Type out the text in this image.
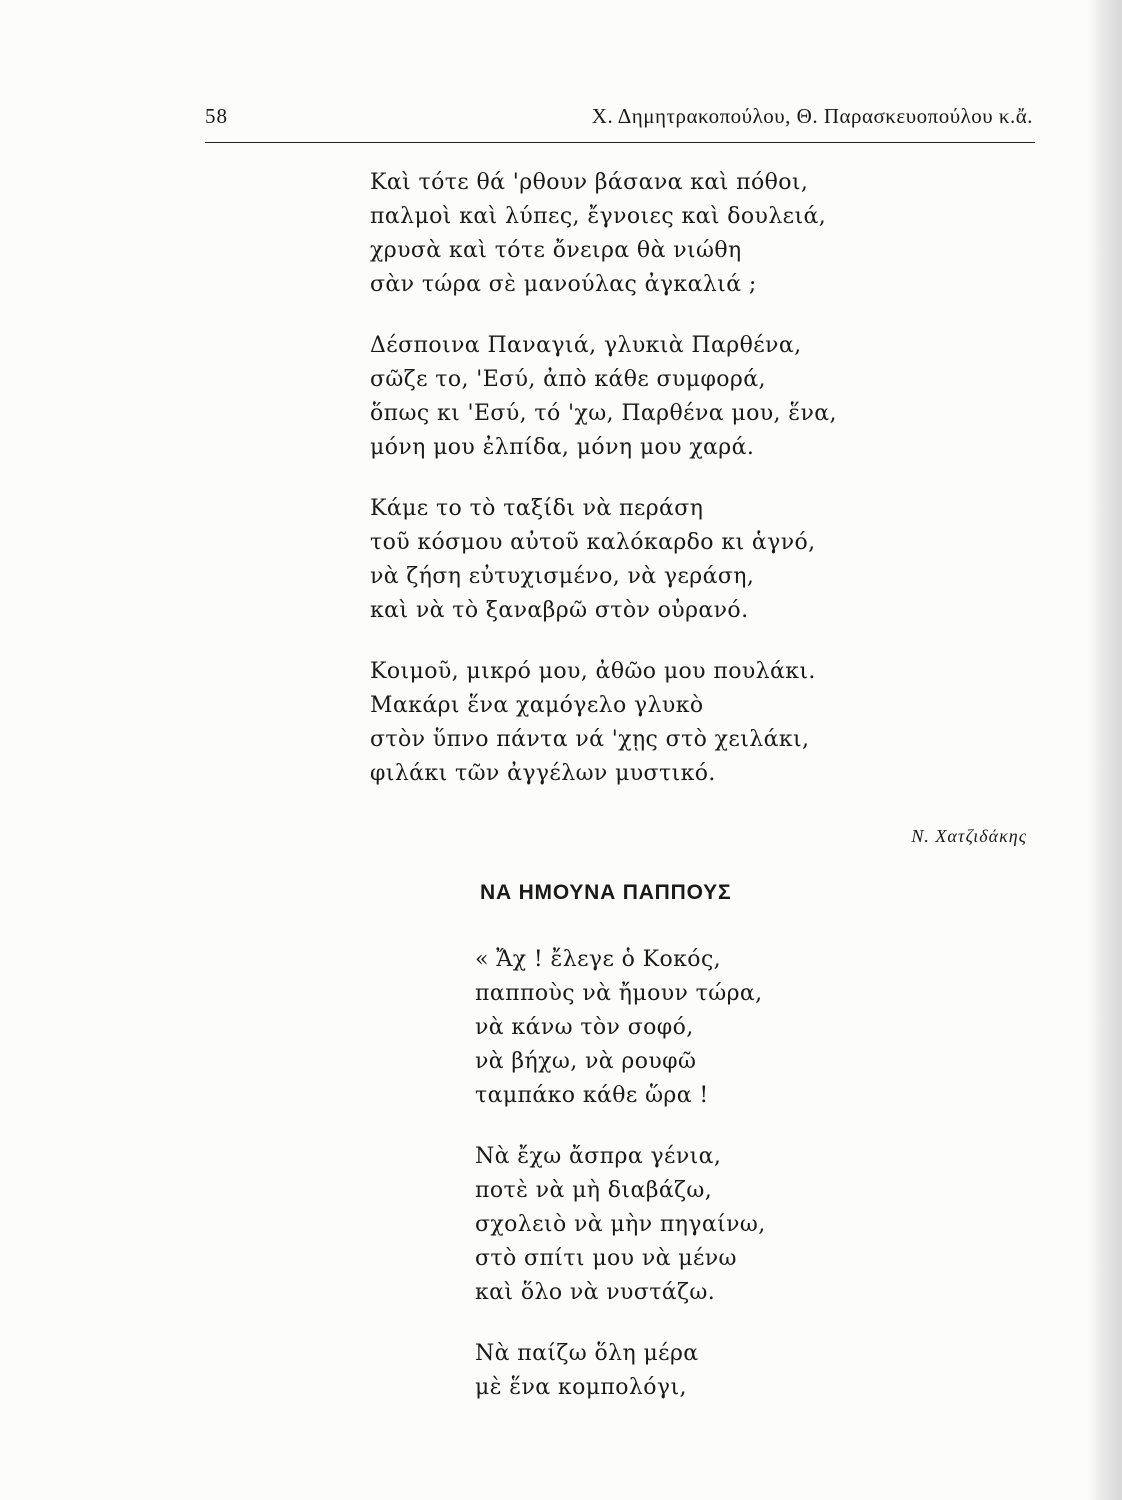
58	Χ. Δημητρακοπούλου, Θ. Παρασκευοπούλου κ.ἄ.
Καὶ τότε θά 'ρθουν βάσανα καὶ πόθοι,
παλμοὶ καὶ λύπες, ἔγνοιες καὶ δουλειά,
χρυσὰ καὶ τότε ὄνειρα θὰ νιώθη
σὰν τώρα σὲ μανούλας ἀγκαλιά ;
Δέσποινα Παναγιά, γλυκιὰ Παρθένα,
σῶζε το, 'Εσύ, ἀπὸ κάθε συμφορά,
ὅπως κι 'Εσύ, τό 'χω, Παρθένα μου, ἕνα,
μόνη μου ἐλπίδα, μόνη μου χαρά.
Κάμε το τὸ ταξίδι νὰ περάση
τοῦ κόσμου αὐτοῦ καλόκαρδο κι ἁγνό,
νὰ ζήση εὐτυχισμένο, νὰ γεράση,
καὶ νὰ τὸ ξαναβρῶ στὸν οὐρανό.
Κοιμοῦ, μικρό μου, ἀθῶο μου πουλάκι.
Μακάρι ἕνα χαμόγελο γλυκὸ
στὸν ὕπνο πάντα νά 'χῃς στὸ χειλάκι,
φιλάκι τῶν ἀγγέλων μυστικό.
Ν. Χατζιδάκης
ΝΑ ΗΜΟΥΝΑ ΠΑΠΠΟΥΣ
« Ἄχ ! ἔλεγε ὁ Κοκός,
παπποὺς νὰ ἤμουν τώρα,
νὰ κάνω τὸν σοφό,
νὰ βήχω, νὰ ρουφῶ
ταμπάκο κάθε ὥρα !
Νὰ ἔχω ἄσπρα γένια,
ποτὲ νὰ μὴ διαβάζω,
σχολειὸ νὰ μὴν πηγαίνω,
στὸ σπίτι μου νὰ μένω
καὶ ὅλο νὰ νυστάζω.
Νὰ παίζω ὅλη μέρα
μὲ ἕνα κομπολόγι,
